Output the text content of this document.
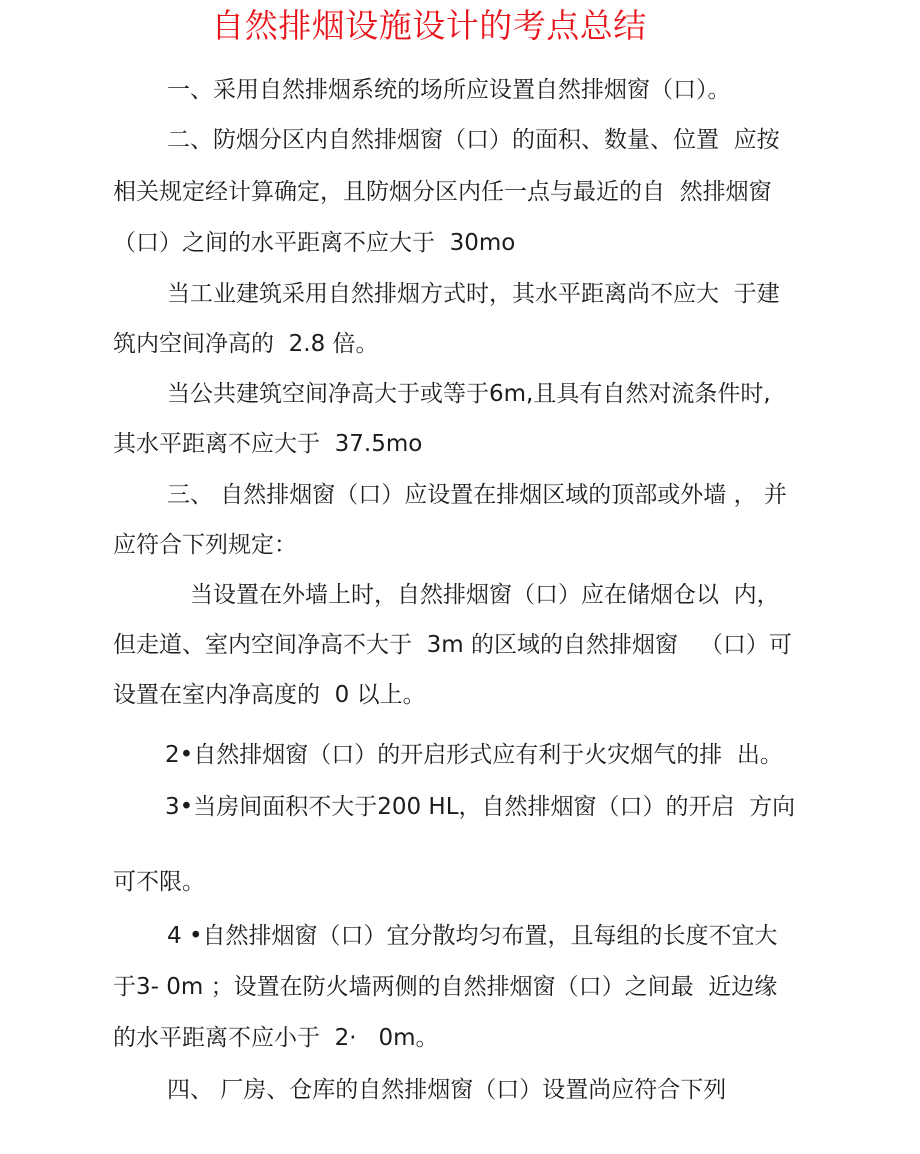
自然排烟设施设计的考点总结
一、采用自然排烟系统的场所应设置自然排烟窗（口）。
二、防烟分区内自然排烟窗（口）的面积、数量、位置  应按
相关规定经计算确定，且防烟分区内任一点与最近的自  然排烟窗
（口）之间的水平距离不应大于  30mo
当工业建筑采用自然排烟方式时，其水平距离尚不应大  于建
筑内空间净高的  2.8 倍。
当公共建筑空间净高大于或等于6m,且具有自然对流条件时,
其水平距离不应大于  37.5mo
三、 自然排烟窗（口）应设置在排烟区域的顶部或外墙 ， 并
应符合下列规定：
当设置在外墙上时，自然排烟窗（口）应在储烟仓以  内，
但走道、室内空间净高不大于  3m 的区域的自然排烟窗   （口）可
设置在室内净高度的  0 以上。
2•自然排烟窗（口）的开启形式应有利于火灾烟气的排  出。
3•当房间面积不大于200 HL，自然排烟窗（口）的开启  方向
可不限。
4 •自然排烟窗（口）宜分散均匀布置，且每组的长度不宜大
于3- 0m ；设置在防火墙两侧的自然排烟窗（口）之间最  近边缘
的水平距离不应小于  2·   0m。
四、 厂房、仓库的自然排烟窗（口）设置尚应符合下列
